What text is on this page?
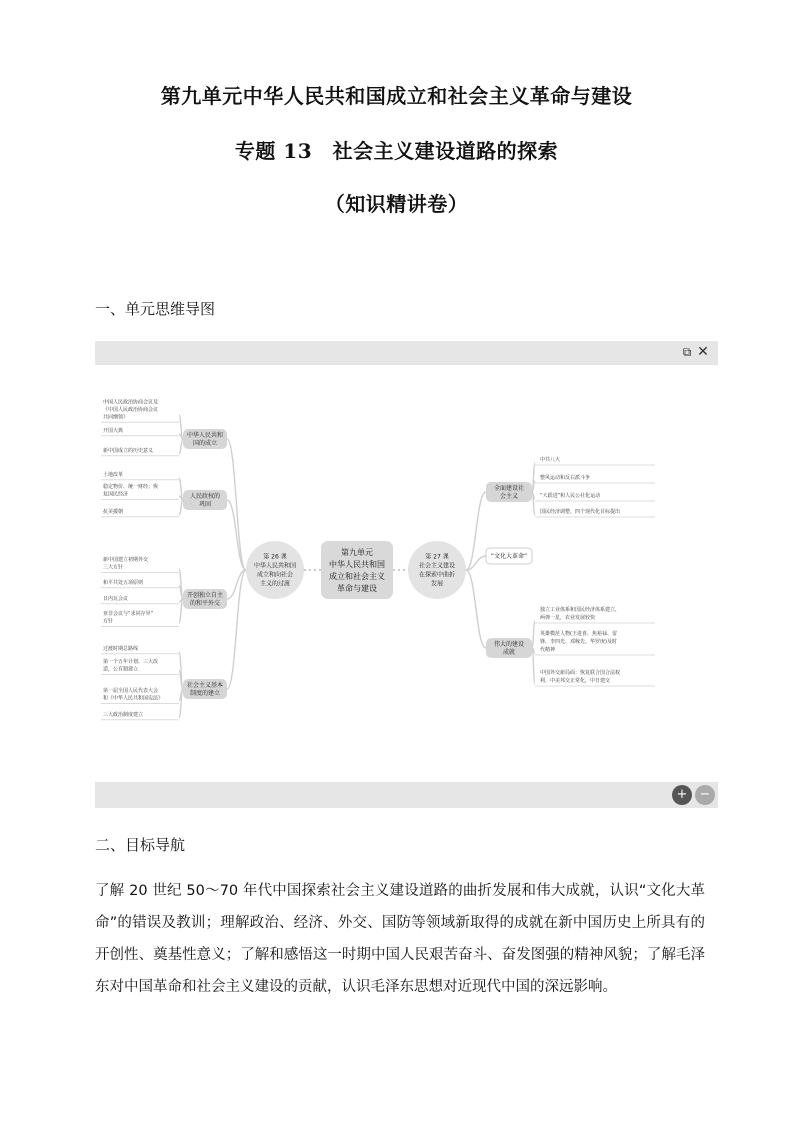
第九单元中华人民共和国成立和社会主义革命与建设
专题 13　社会主义建设道路的探索
（知识精讲卷）
一、单元思维导图
⧉ ✕
第九单元中华人民共和国成立和社会主义革命与建设
第 26 课中华人民共和国成立和向社会主义的过渡
第 27 课社会主义建设在探索中曲折发展
中华人民共和国的成立
中国人民政治协商会议及《中国人民政治协商会议共同纲领》
开国大典
新中国成立的历史意义
人民政权的巩固
土地改革
稳定物价、统一财经；恢复国民经济
抗美援朝
开创独立自主的和平外交
新中国建立初期外交三大方针
和平共处五项原则
日内瓦会议
亚非会议与“求同存异”方针
社会主义基本制度的建立
过渡时期总路线
第一个五年计划、三大改造，公有制建立
第一届全国人民代表大会和《中华人民共和国宪法》
三大政治制度建立
全面建设社会主义
中共八大
整风运动和反右派斗争
“大跃进”和人民公社化运动
国民经济调整，四个现代化目标提出
“文化大革命”
伟大的建设成就
独立工业体系和国民经济体系建立，两弹一星，农业发展较快
英雄模范人物(王进喜、焦裕禄、雷锋、李四光、邓稼先、华罗庚)及时代精神
中国外交新局面：恢复联合国合法权利，中美邦交正常化，中日建交
+ −
二、目标导航
了解 20 世纪 50～70 年代中国探索社会主义建设道路的曲折发展和伟大成就，认识“文化大革命”的错误及教训；理解政治、经济、外交、国防等领域新取得的成就在新中国历史上所具有的开创性、奠基性意义；了解和感悟这一时期中国人民艰苦奋斗、奋发图强的精神风貌；了解毛泽东对中国革命和社会主义建设的贡献，认识毛泽东思想对近现代中国的深远影响。
